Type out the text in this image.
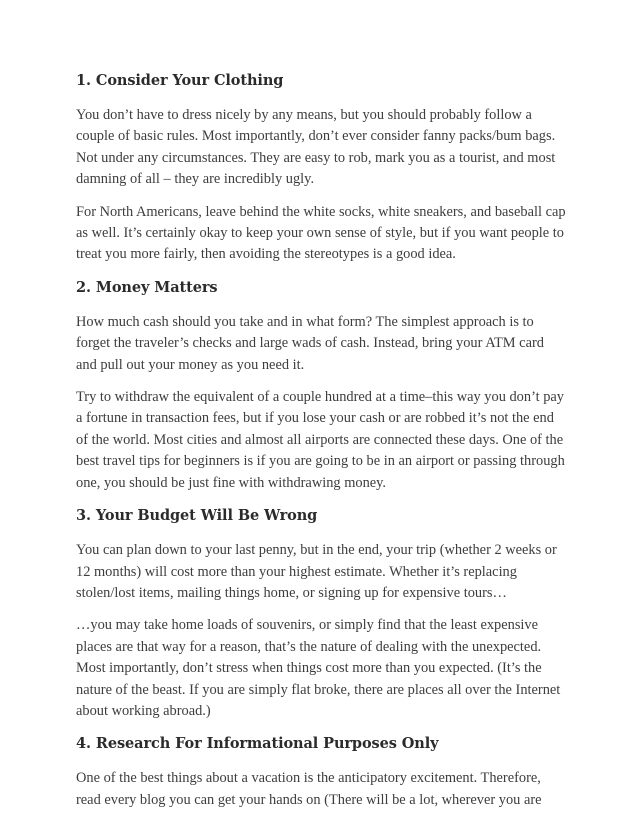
1. Consider Your Clothing

You don’t have to dress nicely by any means, but you should probably follow a couple of basic rules. Most importantly, don’t ever consider fanny packs/bum bags. Not under any circumstances. They are easy to rob, mark you as a tourist, and most damning of all – they are incredibly ugly.

For North Americans, leave behind the white socks, white sneakers, and baseball cap as well. It’s certainly okay to keep your own sense of style, but if you want people to treat you more fairly, then avoiding the stereotypes is a good idea.

2. Money Matters

How much cash should you take and in what form? The simplest approach is to forget the traveler’s checks and large wads of cash. Instead, bring your ATM card and pull out your money as you need it.

Try to withdraw the equivalent of a couple hundred at a time–this way you don’t pay a fortune in transaction fees, but if you lose your cash or are robbed it’s not the end of the world. Most cities and almost all airports are connected these days. One of the best travel tips for beginners is if you are going to be in an airport or passing through one, you should be just fine with withdrawing money.

3. Your Budget Will Be Wrong

You can plan down to your last penny, but in the end, your trip (whether 2 weeks or 12 months) will cost more than your highest estimate. Whether it’s replacing stolen/lost items, mailing things home, or signing up for expensive tours…

…you may take home loads of souvenirs, or simply find that the least expensive places are that way for a reason, that’s the nature of dealing with the unexpected. Most importantly, don’t stress when things cost more than you expected. (It’s the nature of the beast. If you are simply flat broke, there are places all over the Internet about working abroad.)

4. Research For Informational Purposes Only

One of the best things about a vacation is the anticipatory excitement. Therefore, read every blog you can get your hands on (There will be a lot, wherever you are
